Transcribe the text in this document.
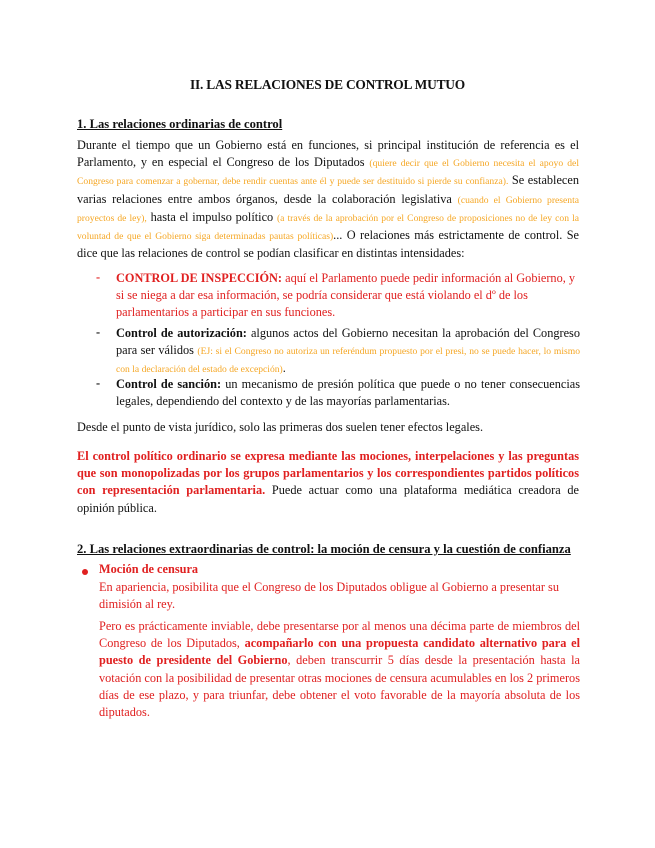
II. LAS RELACIONES DE CONTROL MUTUO
1. Las relaciones ordinarias de control
Durante el tiempo que un Gobierno está en funciones, si principal institución de referencia es el Parlamento, y en especial el Congreso de los Diputados (quiere decir que el Gobierno necesita el apoyo del Congreso para comenzar a gobernar, debe rendir cuentas ante él y puede ser destituido si pierde su confianza). Se establecen varias relaciones entre ambos órganos, desde la colaboración legislativa (cuando el Gobierno presenta proyectos de ley), hasta el impulso político (a través de la aprobación por el Congreso de proposiciones no de ley con la voluntad de que el Gobierno siga determinadas pautas políticas)... O relaciones más estrictamente de control. Se dice que las relaciones de control se podían clasificar en distintas intensidades:
- CONTROL DE INSPECCIÓN: aquí el Parlamento puede pedir información al Gobierno, y si se niega a dar esa información, se podría considerar que está violando el dº de los parlamentarios a participar en sus funciones.
- Control de autorización: algunos actos del Gobierno necesitan la aprobación del Congreso para ser válidos (EJ: si el Congreso no autoriza un referéndum propuesto por el presi, no se puede hacer, lo mismo con la declaración del estado de excepción).
- Control de sanción: un mecanismo de presión política que puede o no tener consecuencias legales, dependiendo del contexto y de las mayorías parlamentarias.
Desde el punto de vista jurídico, solo las primeras dos suelen tener efectos legales.
El control político ordinario se expresa mediante las mociones, interpelaciones y las preguntas que son monopolizadas por los grupos parlamentarios y los correspondientes partidos políticos con representación parlamentaria. Puede actuar como una plataforma mediática creadora de opinión pública.
2. Las relaciones extraordinarias de control: la moción de censura y la cuestión de confianza
Moción de censura
En apariencia, posibilita que el Congreso de los Diputados obligue al Gobierno a presentar su dimisión al rey.
Pero es prácticamente inviable, debe presentarse por al menos una décima parte de miembros del Congreso de los Diputados, acompañarlo con una propuesta candidato alternativo para el puesto de presidente del Gobierno, deben transcurrir 5 días desde la presentación hasta la votación con la posibilidad de presentar otras mociones de censura acumulables en los 2 primeros días de ese plazo, y para triunfar, debe obtener el voto favorable de la mayoría absoluta de los diputados.
